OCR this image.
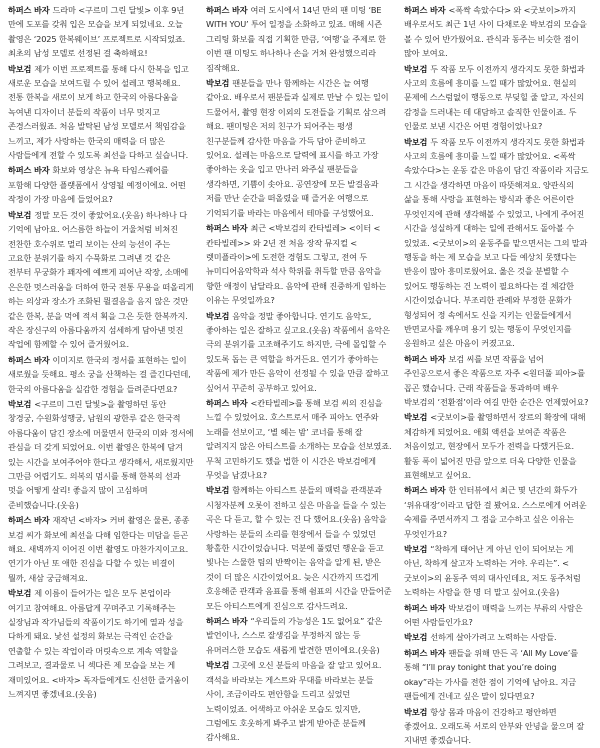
하퍼스 바자 드라마 <구르미 그린 달빛> 이후 9년 만에 도포를 갖춰 입은 모습을 보게 되었네요. 오늘 촬영은 ‘2025 한복웨이브’ 프로젝트로 시작되었죠. 최초의 남성 모델로 선정된 걸 축하해요!

박보검 제가 이번 프로젝트를 통해 다시 한복을 입고 새로운 모습을 보여드릴 수 있어 설레고 행복해요. 전통 한복을 새로이 보게 하고 한국의 아름다움을 녹여낸 디자이너 분들의 작품이 너무 멋지고 존경스러웠죠. 처음 발탁된 남성 모델로서 책임감을 느끼고, 제가 사랑하는 한국의 매력을 더 많은 사람들에게 전할 수 있도록 최선을 다하고 싶습니다.

하퍼스 바자 화보와 영상은 뉴욕 타임스퀘어를 포함해 다양한 플랫폼에서 상영될 예정이에요. 어떤 작정이 가장 마음에 들었어요?

박보검 정말 모든 것이 좋았어요.(웃음) 하나하나 다 기억에 남아요. 어스름한 하늘이 거울처럼 비쳐진 전찬한 호수위로 멀리 보이는 산의 능선이 주는 고요한 분위기를 하지 수묵화로 그려낸 것 같은 전부터 무궁화가 꽤자에 예쁘게 피어난 작장, 소매에 은은한 멋스러움을 더하여 한국 전통 무용을 떠올리게 하는 의상과 장소가 조화된 뮐결음을 음지 않은 것만 같은 한복, 분을 먹에 적셔 획을 그은 듯한 한복까지. 작은 장신구의 아름다움까지 섬세하게 담아낸 멋진 작업에 함께할 수 있어 즐거웠어요.

하퍼스 바자 이미지로 한국의 정서를 표현하는 일이 새로웠을 듯해요. 평소 궁을 산책하는 걸 즐긴다던데, 한국의 아름다움을 실감한 경험을 들려준다면요?

박보검 <구르미 그린 달빛>을 촬영하던 동안 창경궁, 수원화성행궁, 남원의 광한루 같은 한국적 아름다움이 담긴 장소에 머물면서 한국의 미와 정서에 관심을 더 갖게 되었어요. 이번 촬영은 한복에 담겨 있는 시간을 보여주어야 한다고 생각해서, 새로웠지만 그만큼 어렵기도. 의복의 멈시를 통해 한복의 선과 멋을 어떻게 살리! 좋을지 많이 고심하며 준비했습니다.(웃음)

하퍼스 바자 재작년 <바자> 커버 촬영은 물론, 종종 보검 씨가 화보에 최선을 다해 임한다는 미담을 듣곤 해요. 새벽까지 이어진 이번 촬영도 마찬가지이고요. 연기가 아닌 또 애한 진심을 다할 수 있는 비결이 뭘까, 새삼 궁금해져요.

박보검 제 이름이 들어가는 일은 모두 본업이라 여기고 참여해요. 아름답게 꾸며주고 기록해주는 실장님과 작가님들의 작품이기도 하기에 열과 성을 다하게 돼요. 낯선 설정의 화보는 극적인 순간을 연출할 수 있는 작업이라 머릿속으로 계속 역할을 그려보고, 결과물로 니 섹다른 제 모습을 보는 게 재미있어요. <바자> 독자들에게도 신선한 즐거움이 느껴지면 좋겠네요.(웃음)

하퍼스 바자 여러 도시에서 14년 만의 팬 미팅 ‘BE WITH YOU’ 투어 일정을 소화하고 있죠. 매해 시즌 그리팅 화보를 직접 기획한 만큼, ‘여행’을 주제로 한 이번 팬 미팅도 하나하나 손을 거쳐 완성했으리라 짐작해요.

박보검 팬분들을 만나 함께하는 시간은 늘 여행 같아요. 배우로서 팬분들과 실제로 만날 수 있는 일이 드물어서, 촬영 현장 이외의 도전들을 기획로 삼으려 해요. 팬미팅은 저의 친구가 되어주는 평생 친구분들께 감사한 마음을 가득 담아 준비하고 있어요. 설레는 마음으로 달력에 표시를 하고 가장 좋아하는 옷을 입고 만나러 와주실 팬분들을 생각하면, 기쁨이 솟아요. 공연장에 모든 발걸음과 저를 만난 순간을 떠올렸을 때 즐거운 여행으로 기억되기를 바라는 마음에서 테마를 구성했어요.

하퍼스 바자 최근 <박보검의 칸타빌레> <이터 <칸타빌레>> 와 2년 전 처음 장작 뮤지컬 <렛미플라이>에 도전한 경험도 그렇고, 전여 두 뉴미디어음악학과 석사 학위를 취득할 만큼 음악을 향한 애정이 남달라요. 음악에 관해 진중하게 임하는 이유는 무엇일까요?

박보검 음악을 정말 좋아합니다. 연기도 음악도, 좋아하는 일은 잘하고 싶고요.(웃음) 작품에서 음악은 극의 분위기를 고조해주기도 하지만, 극에 몰입할 수 있도록 돕는 큰 역할을 하거든요. 연기가 좋아하는 작품에 제가 만든 음악이 선정될 수 있을 만큼 잘하고 싶어서 꾸준히 공부하고 있어요.

하퍼스 바자 <칸타빌레>를 통해 보검 씨의 진심을 느낄 수 있었어요. 호스트로서 매주 피아노 연주와 노래를 선보이고, ‘별 헤는 밤’ 코너를 통해 잘 알려지지 않은 아티스트를 소개하는 모습을 선보였죠. 무척 고민하기도 했을 법한 이 시간은 박보검에게 무엇을 남겼나요?

박보검 함께하는 아티스트 분들의 매력을 관객분과 시청자분께 오롯이 전하고 싶은 마음을 들을 수 있는 곡은 다 듣고, 할 수 있는 건 다 했어요.(웃음) 음악을 사랑하는 분들의 소리를 현장에서 들을 수 있었던 황홀한 시간이었습니다. 덕분에 풀렸던 행운을 듣고 빛나는 스물한 팀의 반짝이는 음악을 알게 된, 받은 것이 더 많은 시간이었어요. 늦은 시간까지 뜨겁게 호응해준 관객과 음표를 통해 쉼표의 시간을 만들어준 모든 아티스트에게 진심으로 감사드려요.

하퍼스 바자 “우리들의 가능성은 1도 없어요” 같은 발언이나, 스스로 잘생김을 부정하지 않는 등 유머러스한 모습도 새롭게 발견한 면이에요.(웃음)

박보검 그곳에 오신 분들의 마음을 잘 알고 있어요. 객석을 바라보는 게스트와 무대를 바라보는 분들 사이, 조금이라도 편안함을 드리고 싶었던 노력이었죠. 어색하고 아쉬운 모습도 있지만, 그럼에도 호웃하게 봐주고 밝게 받아준 분들께 감사해요.

하퍼스 바자 <폭싹 속았수다> 와 <굿보이>까지 배우로서도 최근 1년 사이 다채로운 박보검의 모습을 볼 수 있어 반가웠어요. 관식과 동주는 비슷한 점이 많아 보여요.

박보검 두 작품 모두 이전까지 생각지도 못한 화법과 사고의 흐름에 흥미를 느낄 때가 많았어요. 현실의 문제에 스스럼없이 행동으로 부딪힐 줄 알고, 자신의 감정을 드러내는 데 대담하고 솔직한 인물이죠. 두 인물로 보낸 시간은 어떤 경험이었나요?

박보검 두 작품 모두 이전까지 생각지도 못한 화법과 사고의 흐름에 흥미를 느낄 때가 많았어요. <폭싹 속았수다>는 운동 같은 마음이 담긴 작품이라 지금도 그 시간을 생각하면 마음이 따뜻해져요. 양관식의 삶을 통해 사랑을 표현하는 방식과 좋은 어른이란 무엇인지에 관해 생각해볼 수 있었고, 나에게 주어진 시간을 성실하게 대하는 일에 관해서도 돌아볼 수 있었죠. <굿보이>의 윤동주를 맡으면서는 그의 말과 행동을 하는 제 모습을 보고 다들 예상치 못했다는 반응이 많아 흥미로웠어요. 옳은 것을 분별할 수 있어도 행동하는 건 노력이 필요하다는 걸 체감한 시간이었습니다. 부조리한 관례와 부정한 문화가 형성되어 정 속에서도 신을 지키는 인물들에게서 반면교사를 깨우며 용기 있는 행동이 무엇인지를 응원하고 싶은 마음이 커졌고요.

하퍼스 바자 보검 씨를 보면 작품을 넘어 주인공으로서 좋은 작품으로 자주 <원더풀 피아>를 꼽곤 했습니다. 근래 작품들을 통과하며 배우 박보검의 ‘전환점’이라 여길 만한 순간은 언제였어요?

박보검 <굿보이>를 촬영하면서 장르의 확장에 대해 체감하게 되었어요. 애회 액션을 보여준 작품은 처음이었고, 현장에서 모두가 전력을 다했거든요. 활동 폭이 넓어진 만큼 앞으로 더욱 다양한 인물을 표현해보고 싶어요.

하퍼스 바자 한 인터뷰에서 최근 몇 년간의 화두가 ‘위유대장’이라고 답한 걸 봤어요. 스스로에게 어려운 숙제를 주면서까지 그 점을 고수하고 싶은 이유는 무엇인가요?

박보검 “착하게 태어난 게 아닌 인이 되어보는 게 아닌, 착하게 살고자 노력하는 거야. 우리는”. <굿보이>의 윤동주 역의 대사인데요, 저도 동주처럼 노력하는 사람을 한 명 더 말고 싶어요.(웃음)

하퍼스 바자 박보검이 매력을 느끼는 부류의 사람은 어떤 사람들인가요?

박보검 선하게 살아가려고 노력하는 사람들.

하퍼스 바자 팬들을 위해 만든 곡 ‘All My Love’를 통해 “I’ll pray tonight that you’re doing okay”라는 가사를 전한 점이 기억에 남아요. 지금 팬들에게 건네고 싶은 말이 있다면요?

박보검 항상 몸과 마음이 건강하고 평안하면 좋겠어요. 오래도록 서로의 안부와 안녕을 물으며 잘 지내면 좋겠습니다.
